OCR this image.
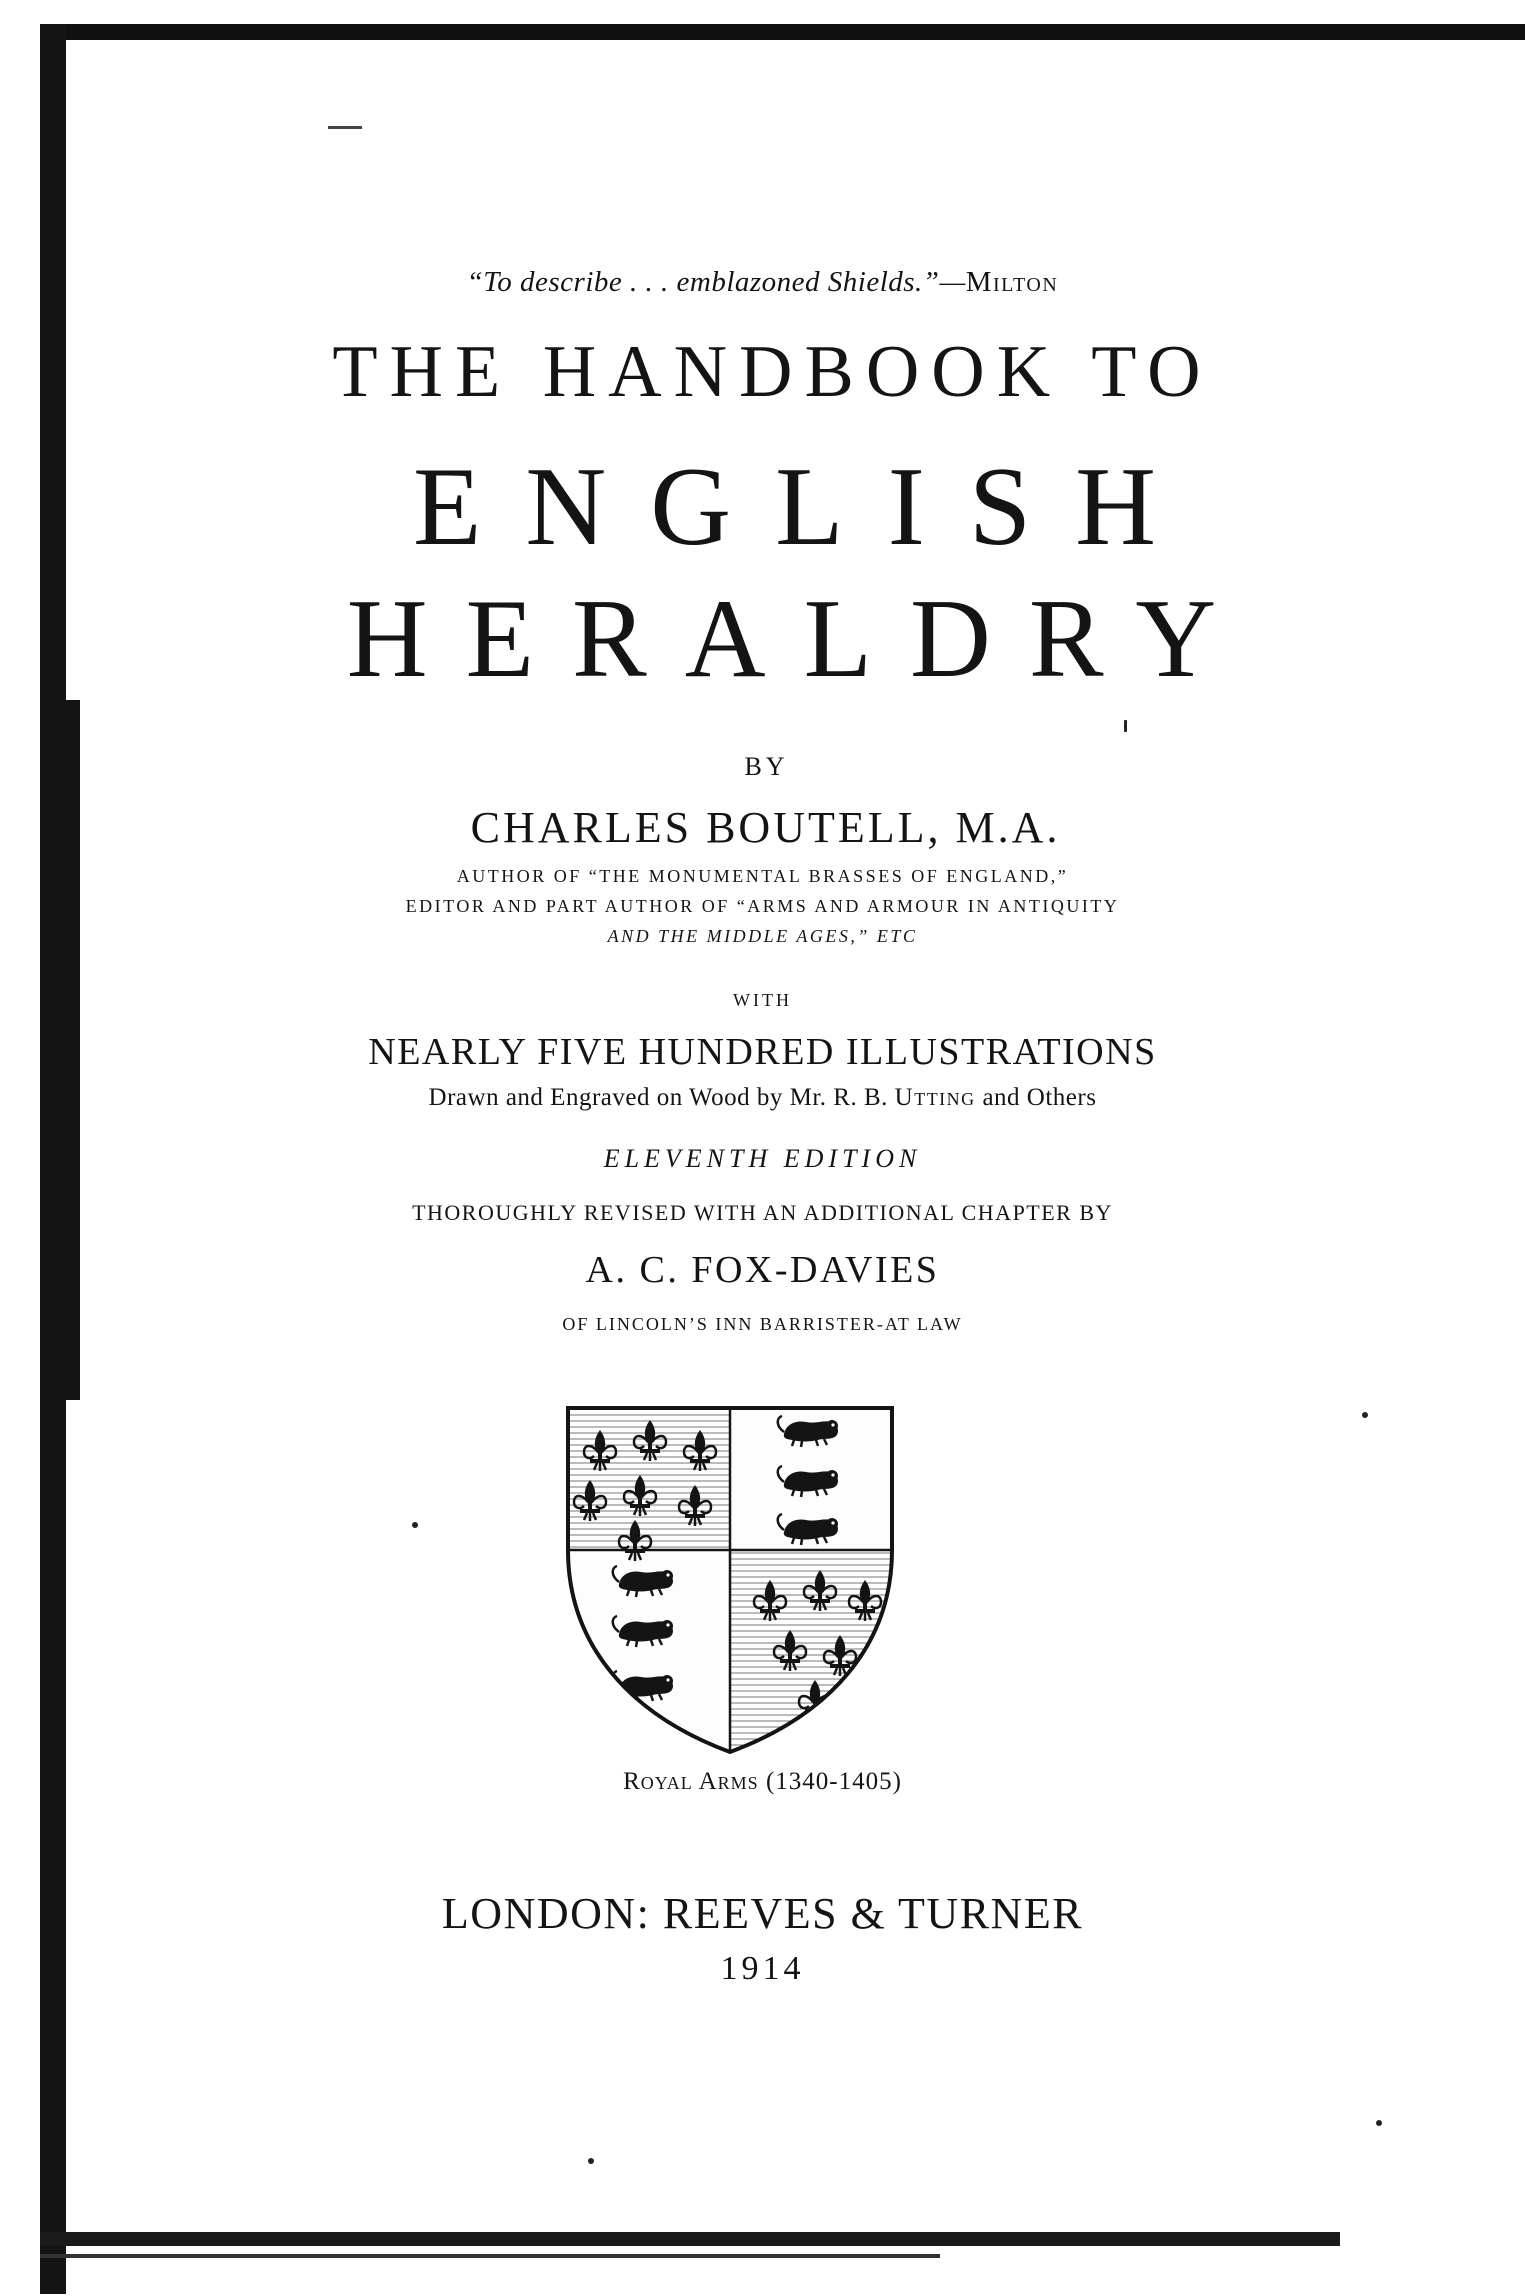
“To describe . . . emblazoned Shields.”—Milton
THE HANDBOOK TO
ENGLISH
HERALDRY
BY
CHARLES BOUTELL, M.A.
AUTHOR OF “THE MONUMENTAL BRASSES OF ENGLAND,”
EDITOR AND PART AUTHOR OF “ARMS AND ARMOUR IN ANTIQUITY
AND THE MIDDLE AGES,” ETC
WITH
NEARLY FIVE HUNDRED ILLUSTRATIONS
Drawn and Engraved on Wood by Mr. R. B. Utting and Others
ELEVENTH EDITION
THOROUGHLY REVISED WITH AN ADDITIONAL CHAPTER BY
A. C. FOX-DAVIES
OF LINCOLN’S INN BARRISTER-AT LAW
Royal Arms (1340-1405)
LONDON: REEVES & TURNER
1914
